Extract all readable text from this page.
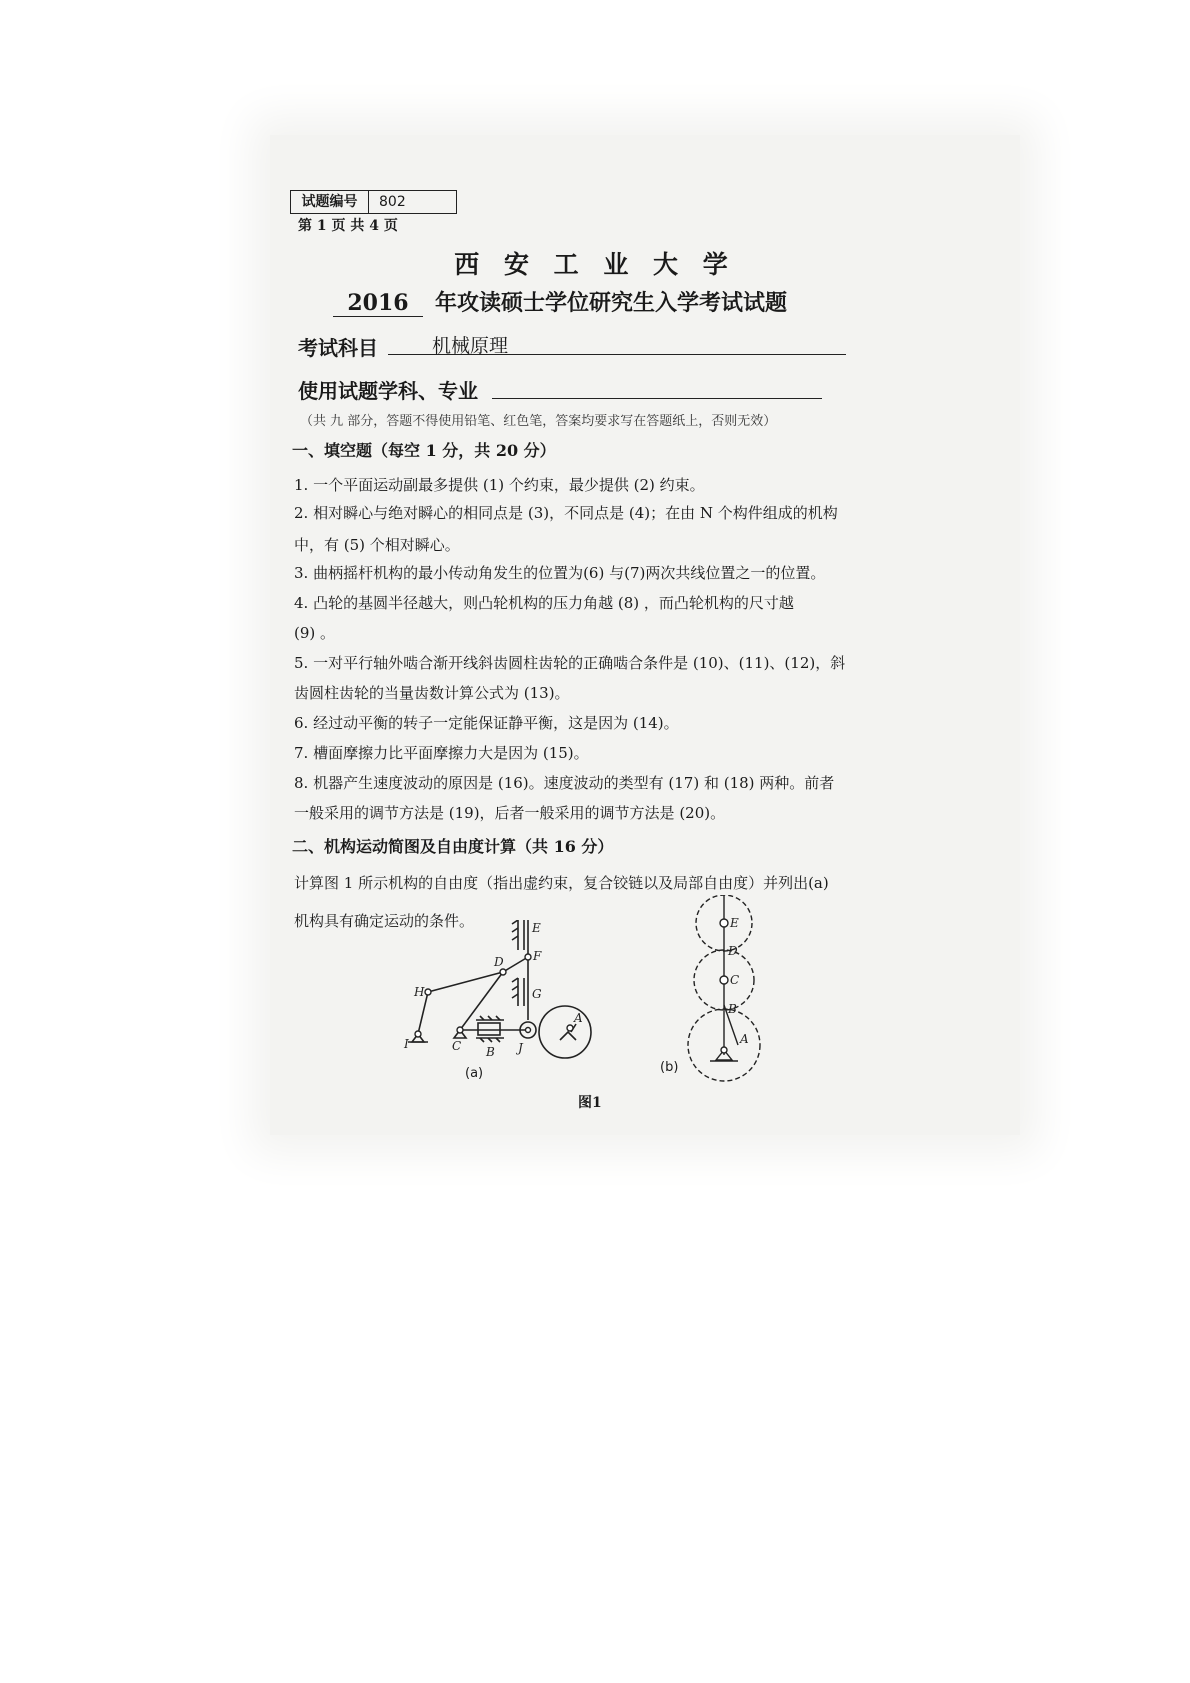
试题编号	802
第 1 页 共 4 页
西 安 工 业 大 学
2016 年攻读硕士学位研究生入学考试试题
考试科目	机械原理
使用试题学科、专业
（共 九 部分，答题不得使用铅笔、红色笔，答案均要求写在答题纸上，否则无效）
一、填空题（每空 1 分，共 20 分）
1. 一个平面运动副最多提供 (1) 个约束，最少提供 (2) 约束。
2. 相对瞬心与绝对瞬心的相同点是 (3)，不同点是 (4)；在由 N 个构件组成的机构
中，有 (5) 个相对瞬心。
3. 曲柄摇杆机构的最小传动角发生的位置为(6) 与(7)两次共线位置之一的位置。
4. 凸轮的基圆半径越大，则凸轮机构的压力角越 (8) ，而凸轮机构的尺寸越
(9) 。
5. 一对平行轴外啮合渐开线斜齿圆柱齿轮的正确啮合条件是 (10)、(11)、(12)，斜
齿圆柱齿轮的当量齿数计算公式为 (13)。
6. 经过动平衡的转子一定能保证静平衡，这是因为 (14)。
7. 槽面摩擦力比平面摩擦力大是因为 (15)。
8. 机器产生速度波动的原因是 (16)。速度波动的类型有 (17) 和 (18) 两种。前者
一般采用的调节方法是 (19)，后者一般采用的调节方法是 (20)。
二、机构运动简图及自由度计算（共 16 分）
计算图 1 所示机构的自由度（指出虚约束，复合铰链以及局部自由度）并列出(a)
机构具有确定运动的条件。	E
F
D
G
H
A
I	C B J
(a)
E
D
C
B
A
(b)
图1
